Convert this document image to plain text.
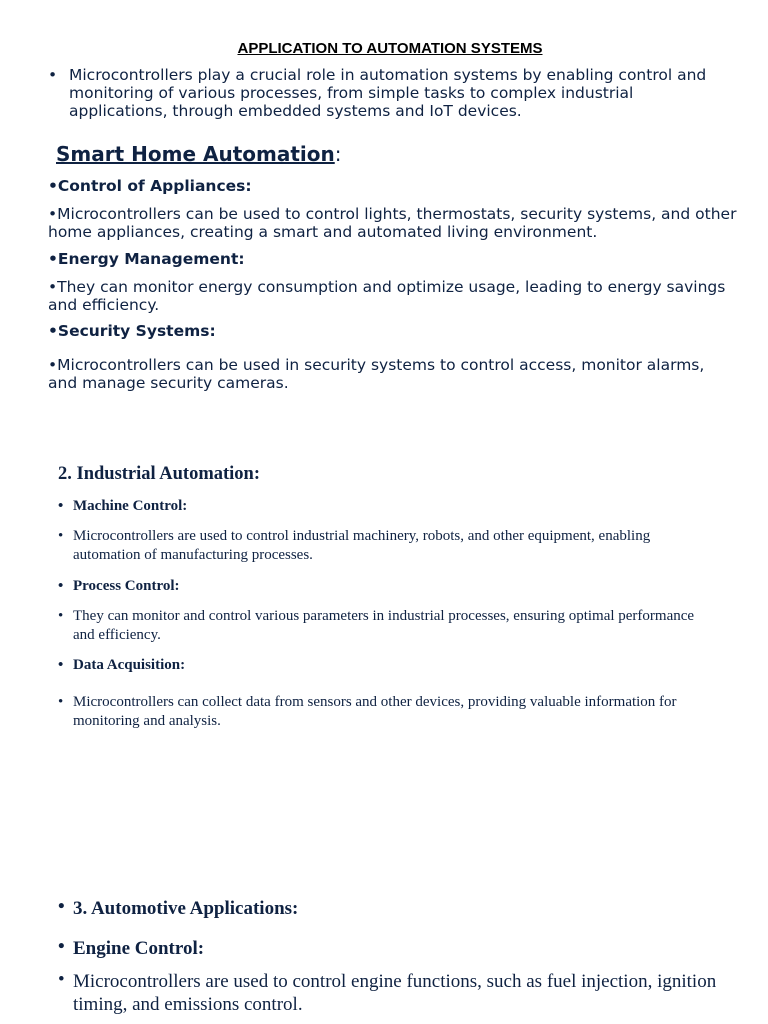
APPLICATION TO AUTOMATION SYSTEMS
• Microcontrollers play a crucial role in automation systems by enabling control and monitoring of various processes, from simple tasks to complex industrial applications, through embedded systems and IoT devices.
Smart Home Automation:
•Control of Appliances:
•Microcontrollers can be used to control lights, thermostats, security systems, and other home appliances, creating a smart and automated living environment.
•Energy Management:
•They can monitor energy consumption and optimize usage, leading to energy savings and efficiency.
•Security Systems:
•Microcontrollers can be used in security systems to control access, monitor alarms, and manage security cameras.
2. Industrial Automation:
• Machine Control:
• Microcontrollers are used to control industrial machinery, robots, and other equipment, enabling automation of manufacturing processes.
• Process Control:
• They can monitor and control various parameters in industrial processes, ensuring optimal performance and efficiency.
• Data Acquisition:
• Microcontrollers can collect data from sensors and other devices, providing valuable information for monitoring and analysis.
• 3. Automotive Applications:
• Engine Control:
• Microcontrollers are used to control engine functions, such as fuel injection, ignition timing, and emissions control.
